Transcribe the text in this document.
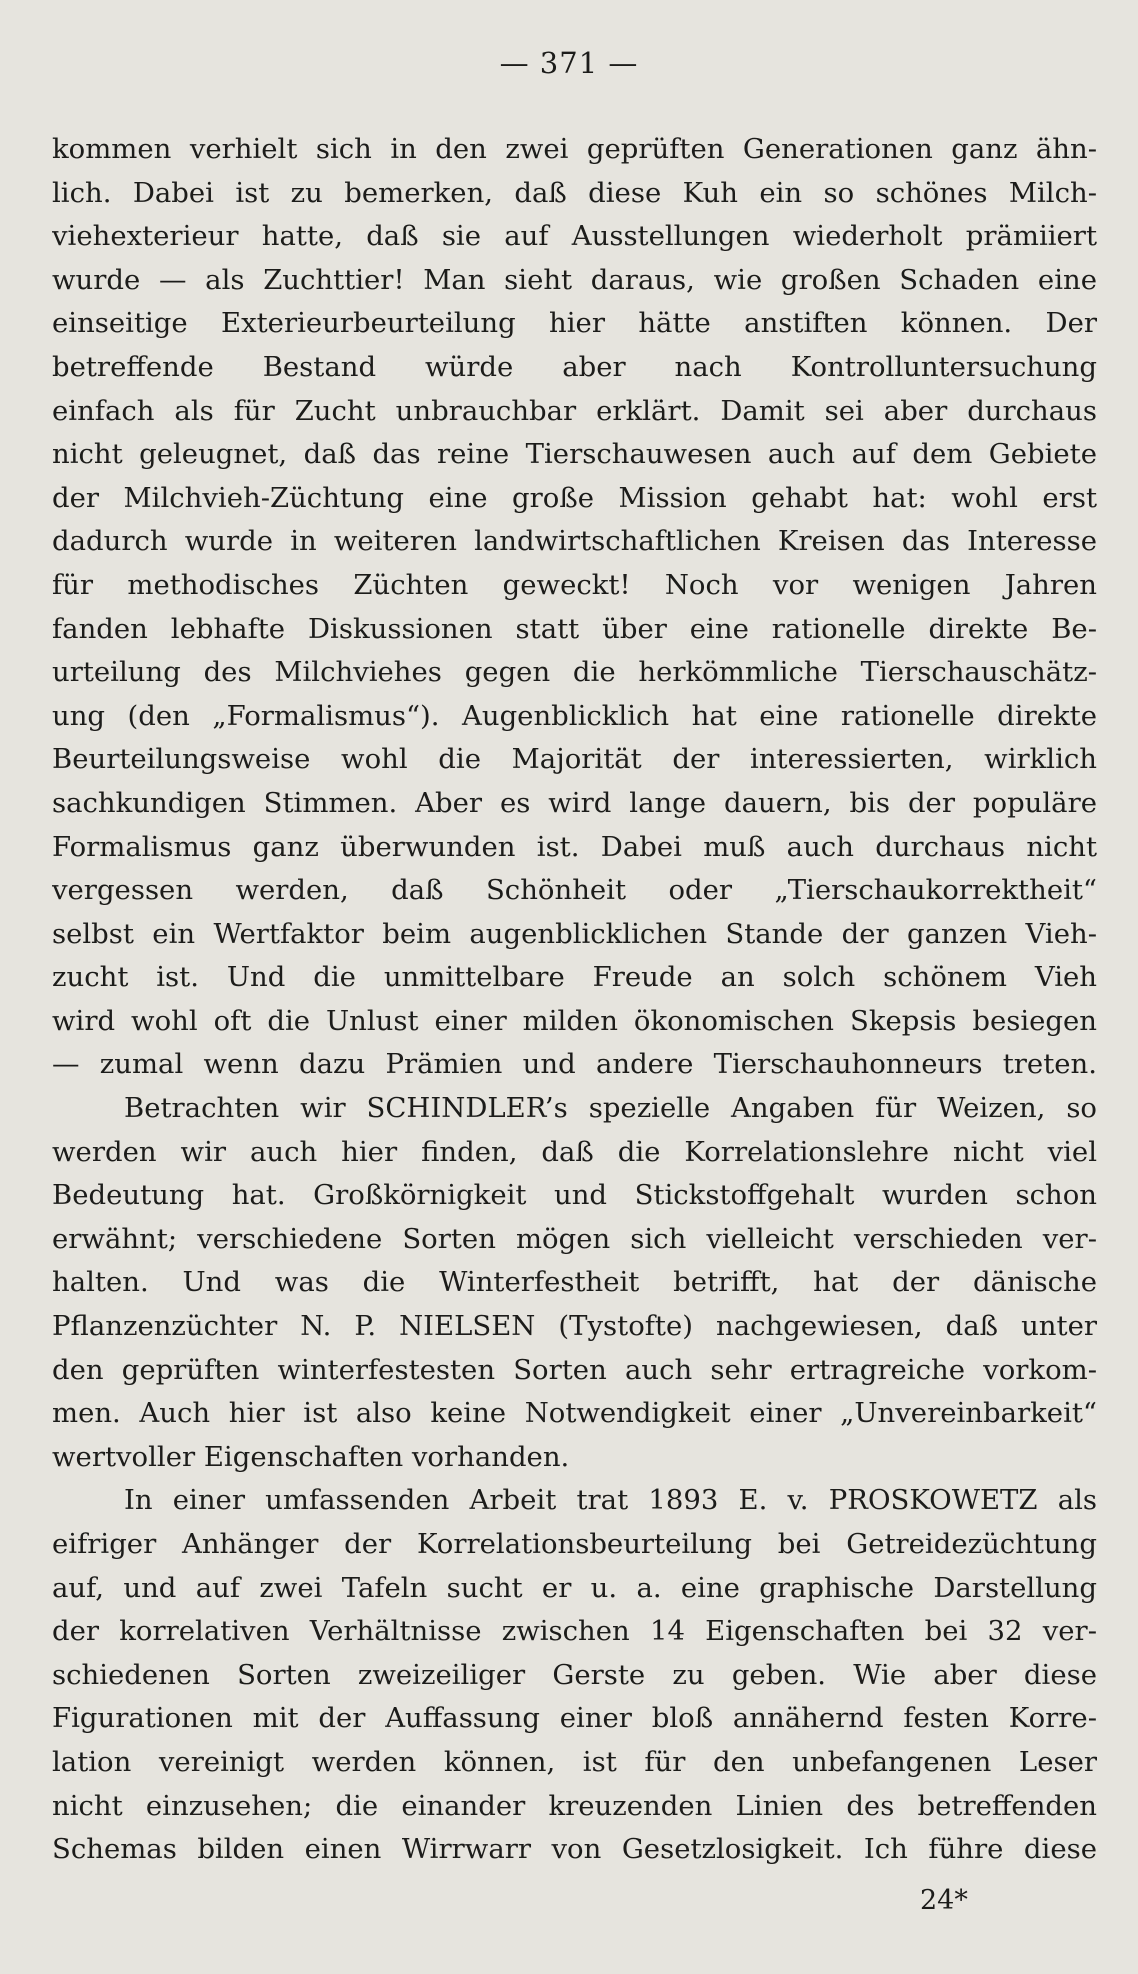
— 371 —
kommen verhielt sich in den zwei geprüften Generationen ganz ähn-
lich. Dabei ist zu bemerken, daß diese Kuh ein so schönes Milch-
viehexterieur hatte, daß sie auf Ausstellungen wiederholt prämiiert
wurde — als Zuchttier! Man sieht daraus, wie großen Schaden eine
einseitige Exterieurbeurteilung hier hätte anstiften können. Der
betreffende Bestand würde aber nach Kontrolluntersuchung
einfach als für Zucht unbrauchbar erklärt. Damit sei aber durchaus
nicht geleugnet, daß das reine Tierschauwesen auch auf dem Gebiete
der Milchvieh-Züchtung eine große Mission gehabt hat: wohl erst
dadurch wurde in weiteren landwirtschaftlichen Kreisen das Interesse
für methodisches Züchten geweckt! Noch vor wenigen Jahren
fanden lebhafte Diskussionen statt über eine rationelle direkte Be-
urteilung des Milchviehes gegen die herkömmliche Tierschauschätz-
ung (den „Formalismus“). Augenblicklich hat eine rationelle direkte
Beurteilungsweise wohl die Majorität der interessierten, wirklich
sachkundigen Stimmen. Aber es wird lange dauern, bis der populäre
Formalismus ganz überwunden ist. Dabei muß auch durchaus nicht
vergessen werden, daß Schönheit oder „Tierschaukorrektheit“
selbst ein Wertfaktor beim augenblicklichen Stande der ganzen Vieh-
zucht ist. Und die unmittelbare Freude an solch schönem Vieh
wird wohl oft die Unlust einer milden ökonomischen Skepsis besiegen
— zumal wenn dazu Prämien und andere Tierschauhonneurs treten.
Betrachten wir SCHINDLER’s spezielle Angaben für Weizen, so
werden wir auch hier finden, daß die Korrelationslehre nicht viel
Bedeutung hat. Großkörnigkeit und Stickstoffgehalt wurden schon
erwähnt; verschiedene Sorten mögen sich vielleicht verschieden ver-
halten. Und was die Winterfestheit betrifft, hat der dänische
Pflanzenzüchter N. P. NIELSEN (Tystofte) nachgewiesen, daß unter
den geprüften winterfestesten Sorten auch sehr ertragreiche vorkom-
men. Auch hier ist also keine Notwendigkeit einer „Unvereinbarkeit“
wertvoller Eigenschaften vorhanden.
In einer umfassenden Arbeit trat 1893 E. v. PROSKOWETZ als
eifriger Anhänger der Korrelationsbeurteilung bei Getreidezüchtung
auf, und auf zwei Tafeln sucht er u. a. eine graphische Darstellung
der korrelativen Verhältnisse zwischen 14 Eigenschaften bei 32 ver-
schiedenen Sorten zweizeiliger Gerste zu geben. Wie aber diese
Figurationen mit der Auffassung einer bloß annähernd festen Korre-
lation vereinigt werden können, ist für den unbefangenen Leser
nicht einzusehen; die einander kreuzenden Linien des betreffenden
Schemas bilden einen Wirrwarr von Gesetzlosigkeit. Ich führe diese
24*
